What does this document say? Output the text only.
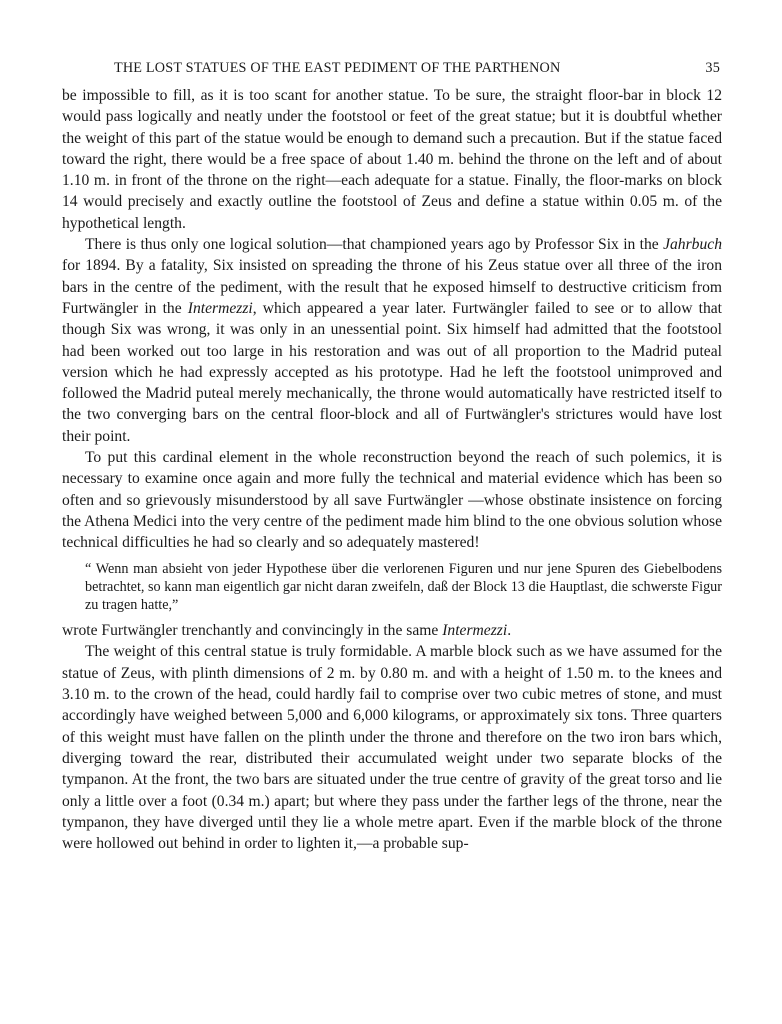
THE LOST STATUES OF THE EAST PEDIMENT OF THE PARTHENON	35

be impossible to fill, as it is too scant for another statue. To be sure, the straight floor-bar in block 12 would pass logically and neatly under the footstool or feet of the great statue; but it is doubtful whether the weight of this part of the statue would be enough to demand such a precaution. But if the statue faced toward the right, there would be a free space of about 1.40 m. behind the throne on the left and of about 1.10 m. in front of the throne on the right—each adequate for a statue. Finally, the floor-marks on block 14 would precisely and exactly outline the footstool of Zeus and define a statue within 0.05 m. of the hypothetical length.

There is thus only one logical solution—that championed years ago by Professor Six in the Jahrbuch for 1894. By a fatality, Six insisted on spreading the throne of his Zeus statue over all three of the iron bars in the centre of the pediment, with the result that he exposed himself to destructive criticism from Furtwängler in the Intermezzi, which appeared a year later. Furtwängler failed to see or to allow that though Six was wrong, it was only in an unessential point. Six himself had admitted that the footstool had been worked out too large in his restoration and was out of all proportion to the Madrid puteal version which he had expressly accepted as his prototype. Had he left the footstool unimproved and followed the Madrid puteal merely mechanically, the throne would automatically have restricted itself to the two converging bars on the central floor-block and all of Furtwängler's strictures would have lost their point.

To put this cardinal element in the whole reconstruction beyond the reach of such polemics, it is necessary to examine once again and more fully the technical and material evidence which has been so often and so grievously misunderstood by all save Furtwängler —whose obstinate insistence on forcing the Athena Medici into the very centre of the pediment made him blind to the one obvious solution whose technical difficulties he had so clearly and so adequately mastered!

“ Wenn man absieht von jeder Hypothese über die verlorenen Figuren und nur jene Spuren des Giebelbodens betrachtet, so kann man eigentlich gar nicht daran zweifeln, daß der Block 13 die Hauptlast, die schwerste Figur zu tragen hatte,”

wrote Furtwängler trenchantly and convincingly in the same Intermezzi.

The weight of this central statue is truly formidable. A marble block such as we have assumed for the statue of Zeus, with plinth dimensions of 2 m. by 0.80 m. and with a height of 1.50 m. to the knees and 3.10 m. to the crown of the head, could hardly fail to comprise over two cubic metres of stone, and must accordingly have weighed between 5,000 and 6,000 kilograms, or approximately six tons. Three quarters of this weight must have fallen on the plinth under the throne and therefore on the two iron bars which, diverging toward the rear, distributed their accumulated weight under two separate blocks of the tympanon. At the front, the two bars are situated under the true centre of gravity of the great torso and lie only a little over a foot (0.34 m.) apart; but where they pass under the farther legs of the throne, near the tympanon, they have diverged until they lie a whole metre apart. Even if the marble block of the throne were hollowed out behind in order to lighten it,—a probable sup-
